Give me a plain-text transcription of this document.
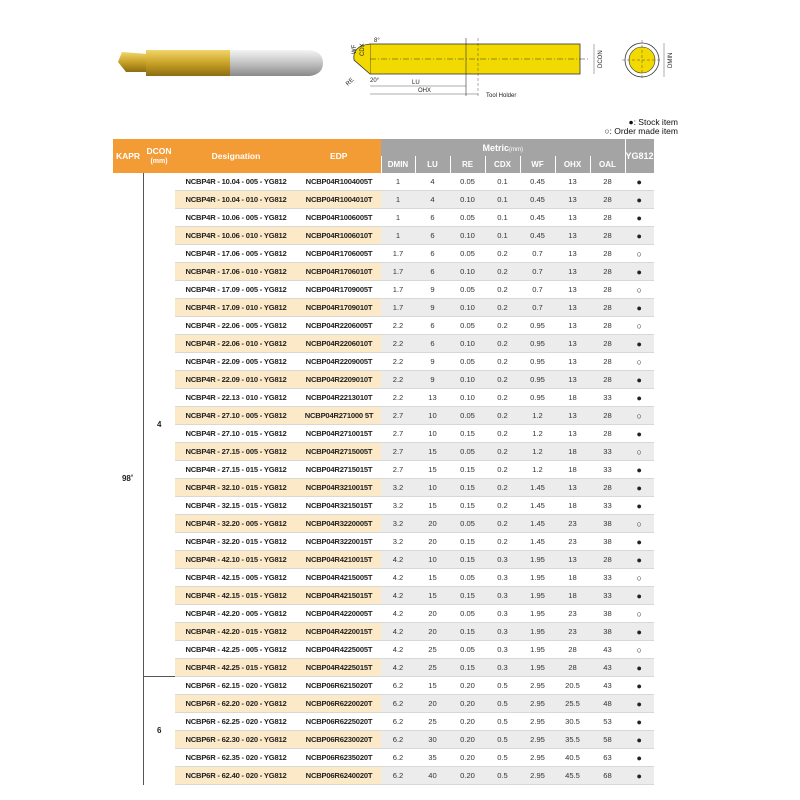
WF CDX
RE
8°
20°	LU
OHX
Tool Holder
DCON	DMIN
●: Stock item
○: Order made item
KAPR	DCON
(mm)	Designation	EDP	Metric(mm)							YG812
				DMIN	LU	RE	CDX	WF	OHX	OAL	
98˚	4	NCBP4R - 10.04 - 005 - YG812	NCBP04R1004005T	1	4	0.05	0.1	0.45	13	28	●
		NCBP4R - 10.04 - 010 - YG812	NCBP04R1004010T	1	4	0.10	0.1	0.45	13	28	●
		NCBP4R - 10.06 - 005 - YG812	NCBP04R1006005T	1	6	0.05	0.1	0.45	13	28	●
		NCBP4R - 10.06 - 010 - YG812	NCBP04R1006010T	1	6	0.10	0.1	0.45	13	28	●
		NCBP4R - 17.06 - 005 - YG812	NCBP04R1706005T	1.7	6	0.05	0.2	0.7	13	28	○
		NCBP4R - 17.06 - 010 - YG812	NCBP04R1706010T	1.7	6	0.10	0.2	0.7	13	28	●
		NCBP4R - 17.09 - 005 - YG812	NCBP04R1709005T	1.7	9	0.05	0.2	0.7	13	28	○
		NCBP4R - 17.09 - 010 - YG812	NCBP04R1709010T	1.7	9	0.10	0.2	0.7	13	28	●
		NCBP4R - 22.06 - 005 - YG812	NCBP04R2206005T	2.2	6	0.05	0.2	0.95	13	28	○
		NCBP4R - 22.06 - 010 - YG812	NCBP04R2206010T	2.2	6	0.10	0.2	0.95	13	28	●
		NCBP4R - 22.09 - 005 - YG812	NCBP04R2209005T	2.2	9	0.05	0.2	0.95	13	28	○
		NCBP4R - 22.09 - 010 - YG812	NCBP04R2209010T	2.2	9	0.10	0.2	0.95	13	28	●
		NCBP4R - 22.13 - 010 - YG812	NCBP04R2213010T	2.2	13	0.10	0.2	0.95	18	33	●
		NCBP4R - 27.10 - 005 - YG812	NCBP04R271000 5T	2.7	10	0.05	0.2	1.2	13	28	○
		NCBP4R - 27.10 - 015 - YG812	NCBP04R2710015T	2.7	10	0.15	0.2	1.2	13	28	●
		NCBP4R - 27.15 - 005 - YG812	NCBP04R2715005T	2.7	15	0.05	0.2	1.2	18	33	○
		NCBP4R - 27.15 - 015 - YG812	NCBP04R2715015T	2.7	15	0.15	0.2	1.2	18	33	●
		NCBP4R - 32.10 - 015 - YG812	NCBP04R3210015T	3.2	10	0.15	0.2	1.45	13	28	●
		NCBP4R - 32.15 - 015 - YG812	NCBP04R3215015T	3.2	15	0.15	0.2	1.45	18	33	●
		NCBP4R - 32.20 - 005 - YG812	NCBP04R3220005T	3.2	20	0.05	0.2	1.45	23	38	○
		NCBP4R - 32.20 - 015 - YG812	NCBP04R3220015T	3.2	20	0.15	0.2	1.45	23	38	●
		NCBP4R - 42.10 - 015 - YG812	NCBP04R4210015T	4.2	10	0.15	0.3	1.95	13	28	●
		NCBP4R - 42.15 - 005 - YG812	NCBP04R4215005T	4.2	15	0.05	0.3	1.95	18	33	○
		NCBP4R - 42.15 - 015 - YG812	NCBP04R4215015T	4.2	15	0.15	0.3	1.95	18	33	●
		NCBP4R - 42.20 - 005 - YG812	NCBP04R4220005T	4.2	20	0.05	0.3	1.95	23	38	○
		NCBP4R - 42.20 - 015 - YG812	NCBP04R4220015T	4.2	20	0.15	0.3	1.95	23	38	●
		NCBP4R - 42.25 - 005 - YG812	NCBP04R4225005T	4.2	25	0.05	0.3	1.95	28	43	○
		NCBP4R - 42.25 - 015 - YG812	NCBP04R4225015T	4.2	25	0.15	0.3	1.95	28	43	●
	6	NCBP6R - 62.15 - 020 - YG812	NCBP06R6215020T	6.2	15	0.20	0.5	2.95	20.5	43	●
		NCBP6R - 62.20 - 020 - YG812	NCBP06R6220020T	6.2	20	0.20	0.5	2.95	25.5	48	●
		NCBP6R - 62.25 - 020 - YG812	NCBP06R6225020T	6.2	25	0.20	0.5	2.95	30.5	53	●
		NCBP6R - 62.30 - 020 - YG812	NCBP06R6230020T	6.2	30	0.20	0.5	2.95	35.5	58	●
		NCBP6R - 62.35 - 020 - YG812	NCBP06R6235020T	6.2	35	0.20	0.5	2.95	40.5	63	●
		NCBP6R - 62.40 - 020 - YG812	NCBP06R6240020T	6.2	40	0.20	0.5	2.95	45.5	68	●
